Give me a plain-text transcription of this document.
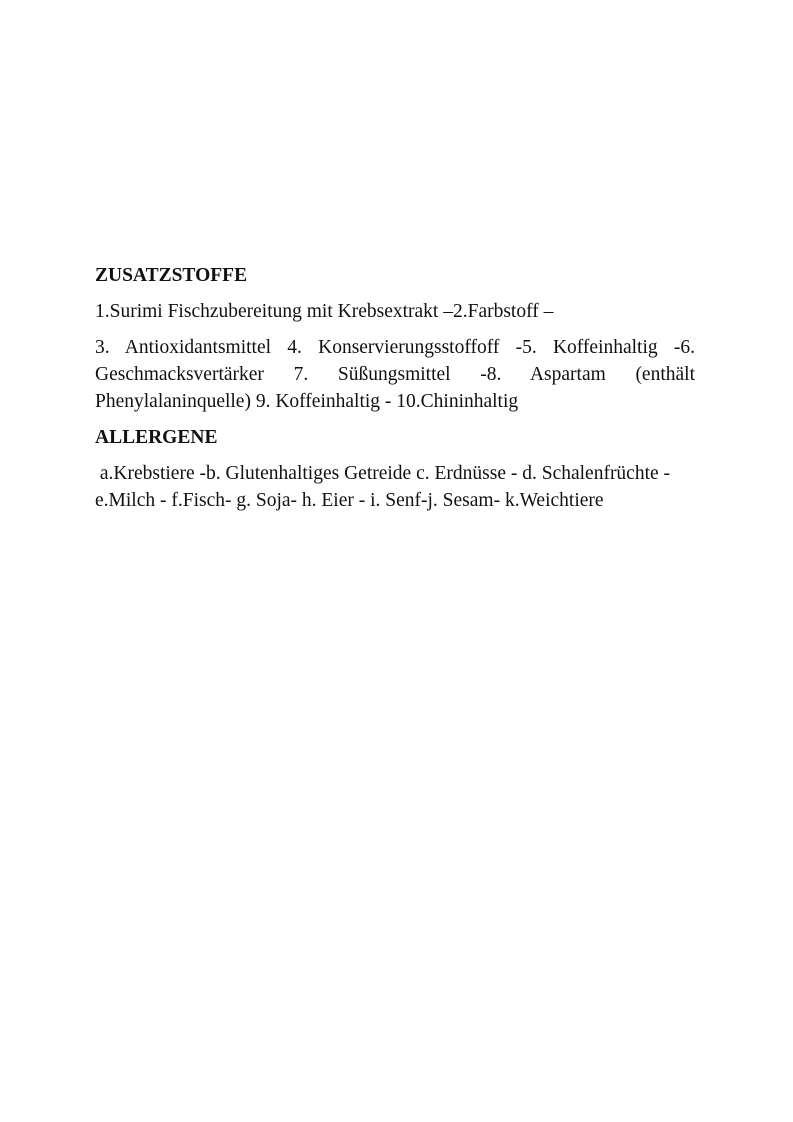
ZUSATZSTOFFE
1.Surimi Fischzubereitung mit Krebsextrakt –2.Farbstoff –
3. Antioxidantsmittel 4. Konservierungsstoffoff -5. Koffeinhaltig -6. Geschmacksvertärker 7. Süßungsmittel -8. Aspartam (enthält Phenylalaninquelle) 9. Koffeinhaltig - 10.Chininhaltig
ALLERGENE
a.Krebstiere -b. Glutenhaltiges Getreide c. Erdnüsse - d. Schalenfrüchte -e.Milch - f.Fisch- g. Soja- h. Eier - i. Senf-j. Sesam- k.Weichtiere
